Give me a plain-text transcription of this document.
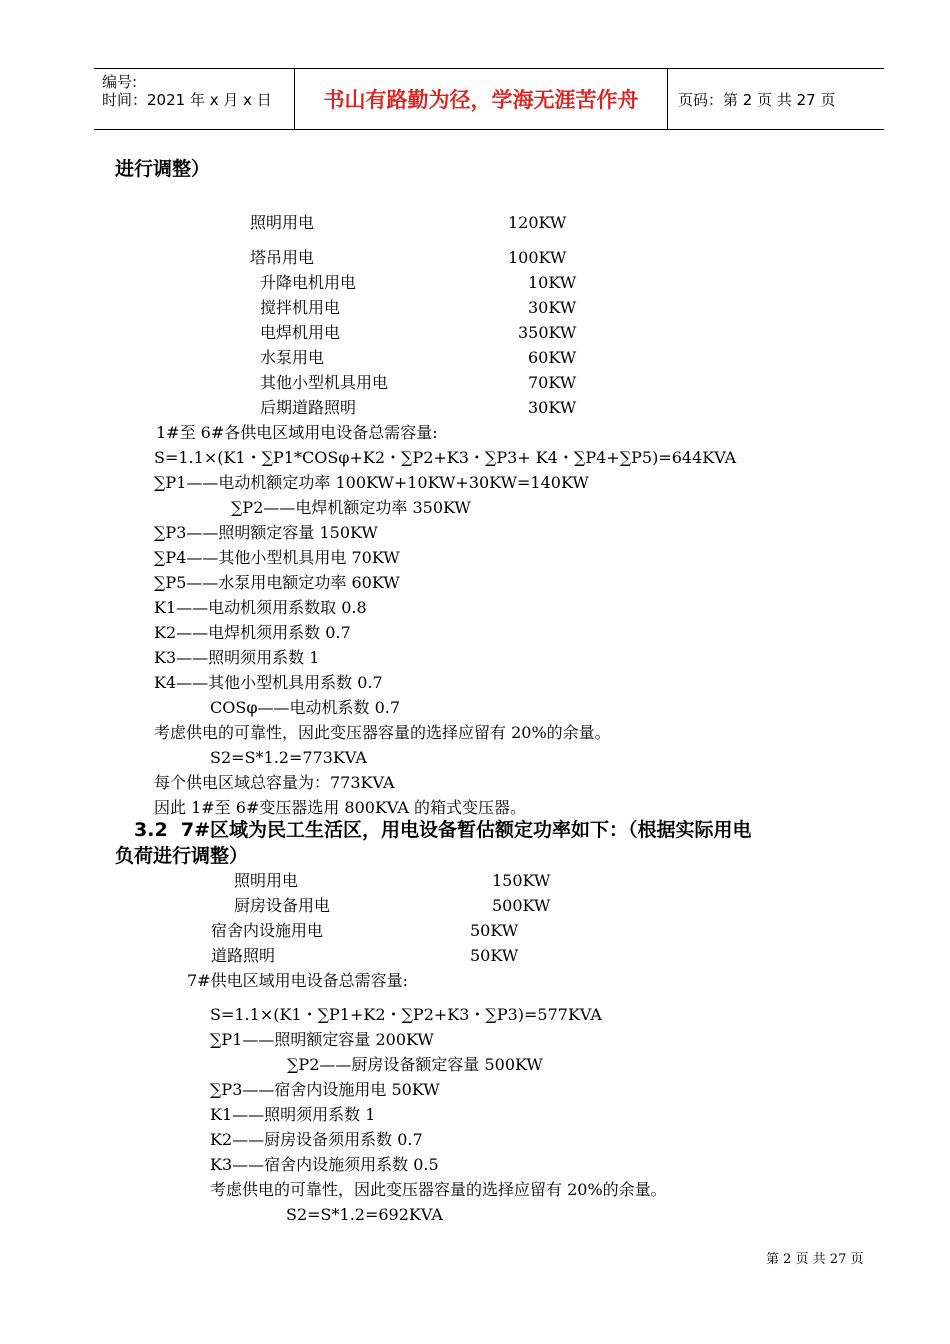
编号:
时间：2021 年 x 月 x 日	书山有路勤为径，学海无涯苦作舟	页码：第 2 页 共 27 页
进行调整）
照明用电	120KW
塔吊用电	100KW
升降电机用电	10KW
搅拌机用电	30KW
电焊机用电	350KW
水泵用电	60KW
其他小型机具用电	70KW
后期道路照明	30KW
1#至 6#各供电区域用电设备总需容量:
S=1.1×(K1・∑P1*COSφ+K2・∑P2+K3・∑P3+ K4・∑P4+∑P5)=644KVA
∑P1——电动机额定功率 100KW+10KW+30KW=140KW
∑P2——电焊机额定功率 350KW
∑P3——照明额定容量 150KW
∑P4——其他小型机具用电 70KW
∑P5——水泵用电额定功率 60KW
K1——电动机须用系数取 0.8
K2——电焊机须用系数 0.7
K3——照明须用系数 1
K4——其他小型机具用系数 0.7
COSφ——电动机系数 0.7
考虑供电的可靠性，因此变压器容量的选择应留有 20%的余量。
S2=S*1.2=773KVA
每个供电区域总容量为：773KVA
因此 1#至 6#变压器选用 800KVA 的箱式变压器。
3.2  7#区域为民工生活区，用电设备暂估额定功率如下：（根据实际用电
负荷进行调整）
照明用电	150KW
厨房设备用电	500KW
宿舍内设施用电	50KW
道路照明	50KW
7#供电区域用电设备总需容量:
S=1.1×(K1・∑P1+K2・∑P2+K3・∑P3)=577KVA
∑P1——照明额定容量 200KW
∑P2——厨房设备额定容量 500KW
∑P3——宿舍内设施用电 50KW
K1——照明须用系数 1
K2——厨房设备须用系数 0.7
K3——宿舍内设施须用系数 0.5
考虑供电的可靠性，因此变压器容量的选择应留有 20%的余量。
S2=S*1.2=692KVA
第 2 页 共 27 页
